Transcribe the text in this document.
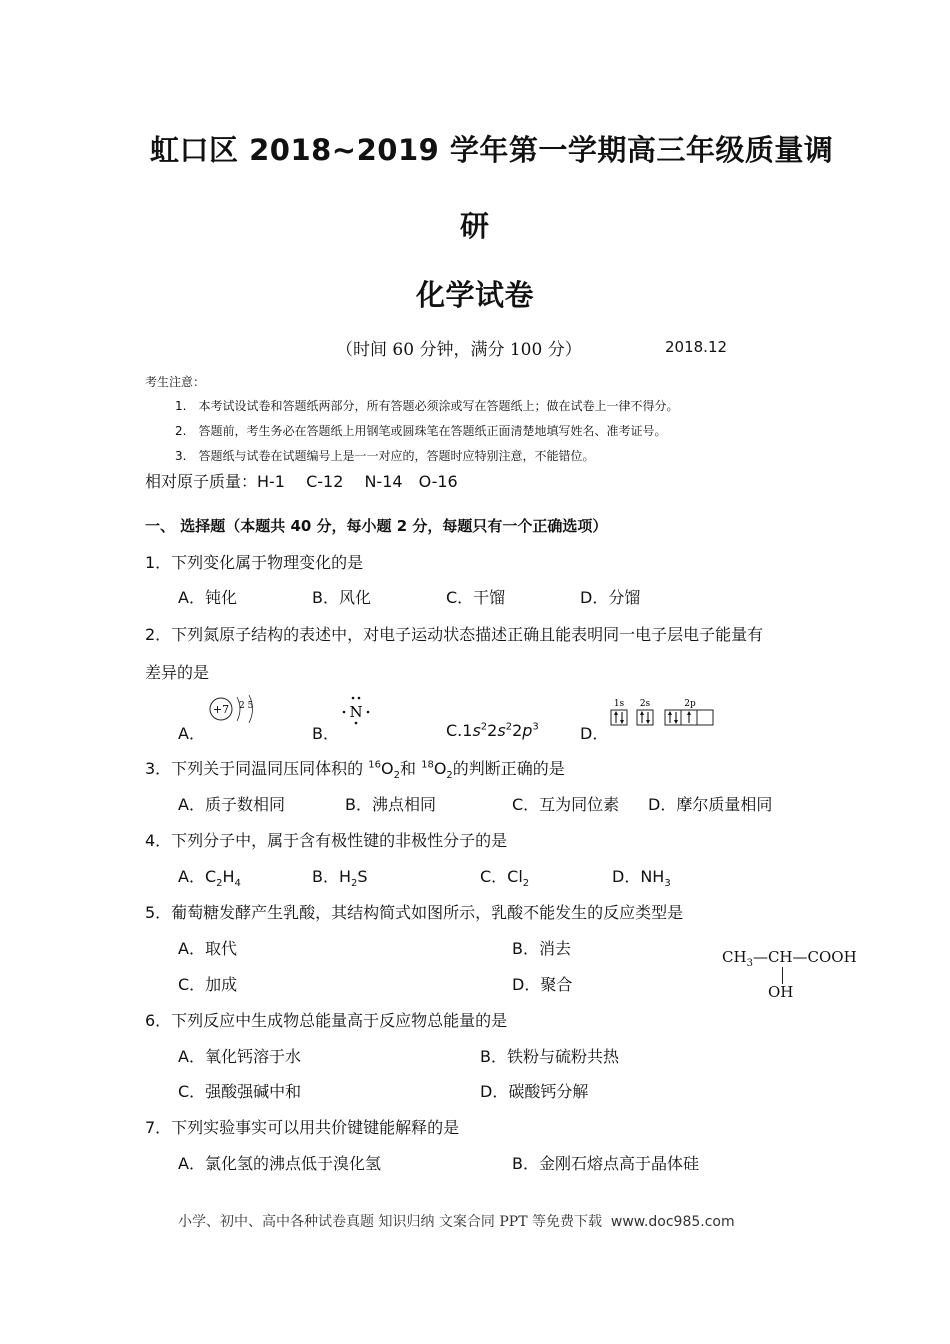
虹口区 2018~2019 学年第一学期高三年级质量调
研
化学试卷
（时间 60 分钟，满分 100 分）	2018.12
考生注意：
1.　本考试设试卷和答题纸两部分，所有答题必须涂或写在答题纸上；做在试卷上一律不得分。
2.　答题前，考生务必在答题纸上用钢笔或圆珠笔在答题纸正面清楚地填写姓名、准考证号。
3.　答题纸与试卷在试题编号上是一一对应的，答题时应特别注意，不能错位。
相对原子质量：H-1　 C-12　 N-14　O-16
一、 选择题（本题共 40 分，每小题 2 分，每题只有一个正确选项）
1．下列变化属于物理变化的是
A．钝化	B．风化	C．干馏	D．分馏
2．下列氮原子结构的表述中，对电子运动状态描述正确且能表明同一电子层电子能量有
差异的是
A．
+7 2 5
B．
N
$C.1s^22s^22p^3$	D．
1s 2s	2p
3．下列关于同温同压同体积的 $^{16}O_2$和 $^{18}O_2$的判断正确的是
A．质子数相同	B．沸点相同	C．互为同位素 D．摩尔质量相同
4．下列分子中，属于含有极性键的非极性分子的是
A．$C_2H_4$	B．$H_2S$	C．$Cl_2$	D．$NH_3$
5．葡萄糖发酵产生乳酸，其结构简式如图所示，乳酸不能发生的反应类型是
A．取代	B．消去
C．加成	D．聚合
$CH_3—CH—COOH$
OH
6．下列反应中生成物总能量高于反应物总能量的是
A．氧化钙溶于水	B．铁粉与硫粉共热
C．强酸强碱中和	D．碳酸钙分解
7．下列实验事实可以用共价键键能解释的是
A．氯化氢的沸点低于溴化氢	B．金刚石熔点高于晶体硅
小学、初中、高中各种试卷真题 知识归纳 文案合同 PPT 等免费下载 www.doc985.com
